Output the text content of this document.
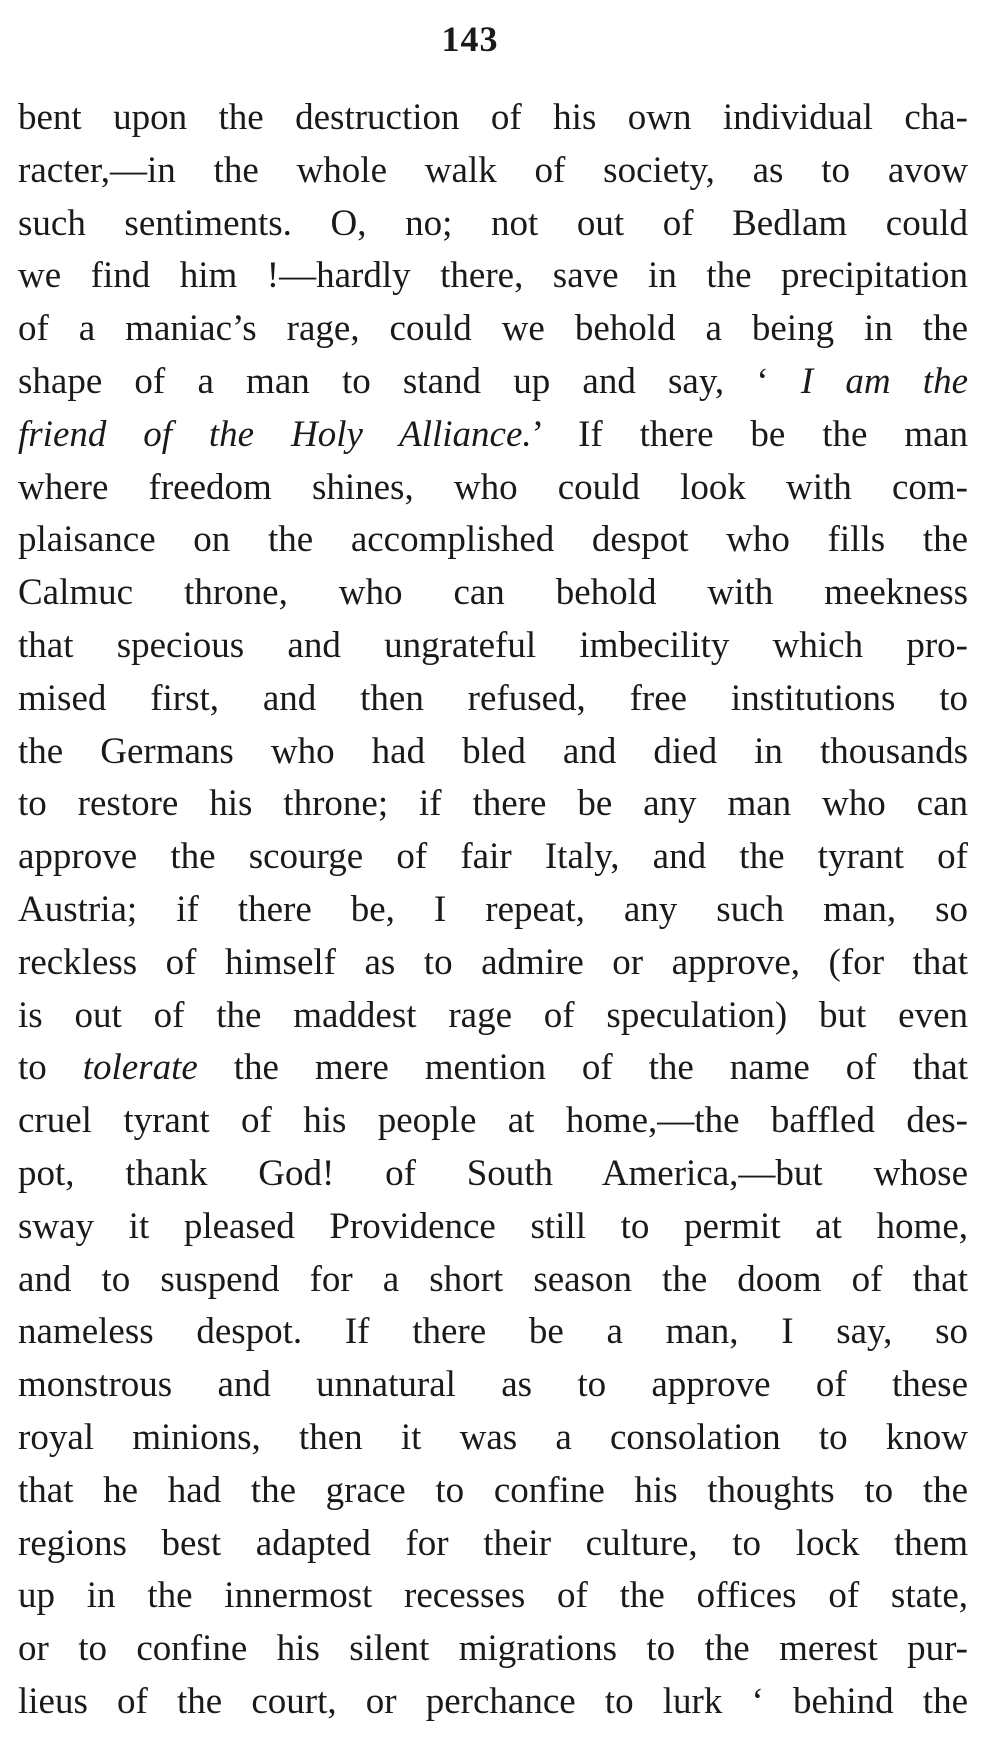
143
bent upon the destruction of his own individual cha-
racter,—in the whole walk of society, as to avow
such sentiments. O, no; not out of Bedlam could
we find him !—hardly there, save in the precipitation
of a maniac’s rage, could we behold a being in the
shape of a man to stand up and say, ‘ I am the
friend of the Holy Alliance.’ If there be the man
where freedom shines, who could look with com-
plaisance on the accomplished despot who fills the
Calmuc throne, who can behold with meekness
that specious and ungrateful imbecility which pro-
mised first, and then refused, free institutions to
the Germans who had bled and died in thousands
to restore his throne; if there be any man who can
approve the scourge of fair Italy, and the tyrant of
Austria; if there be, I repeat, any such man, so
reckless of himself as to admire or approve, (for that
is out of the maddest rage of speculation) but even
to tolerate the mere mention of the name of that
cruel tyrant of his people at home,—the baffled des-
pot, thank God! of South America,—but whose
sway it pleased Providence still to permit at home,
and to suspend for a short season the doom of that
nameless despot. If there be a man, I say, so
monstrous and unnatural as to approve of these
royal minions, then it was a consolation to know
that he had the grace to confine his thoughts to the
regions best adapted for their culture, to lock them
up in the innermost recesses of the offices of state,
or to confine his silent migrations to the merest pur-
lieus of the court, or perchance to lurk ‘ behind the
